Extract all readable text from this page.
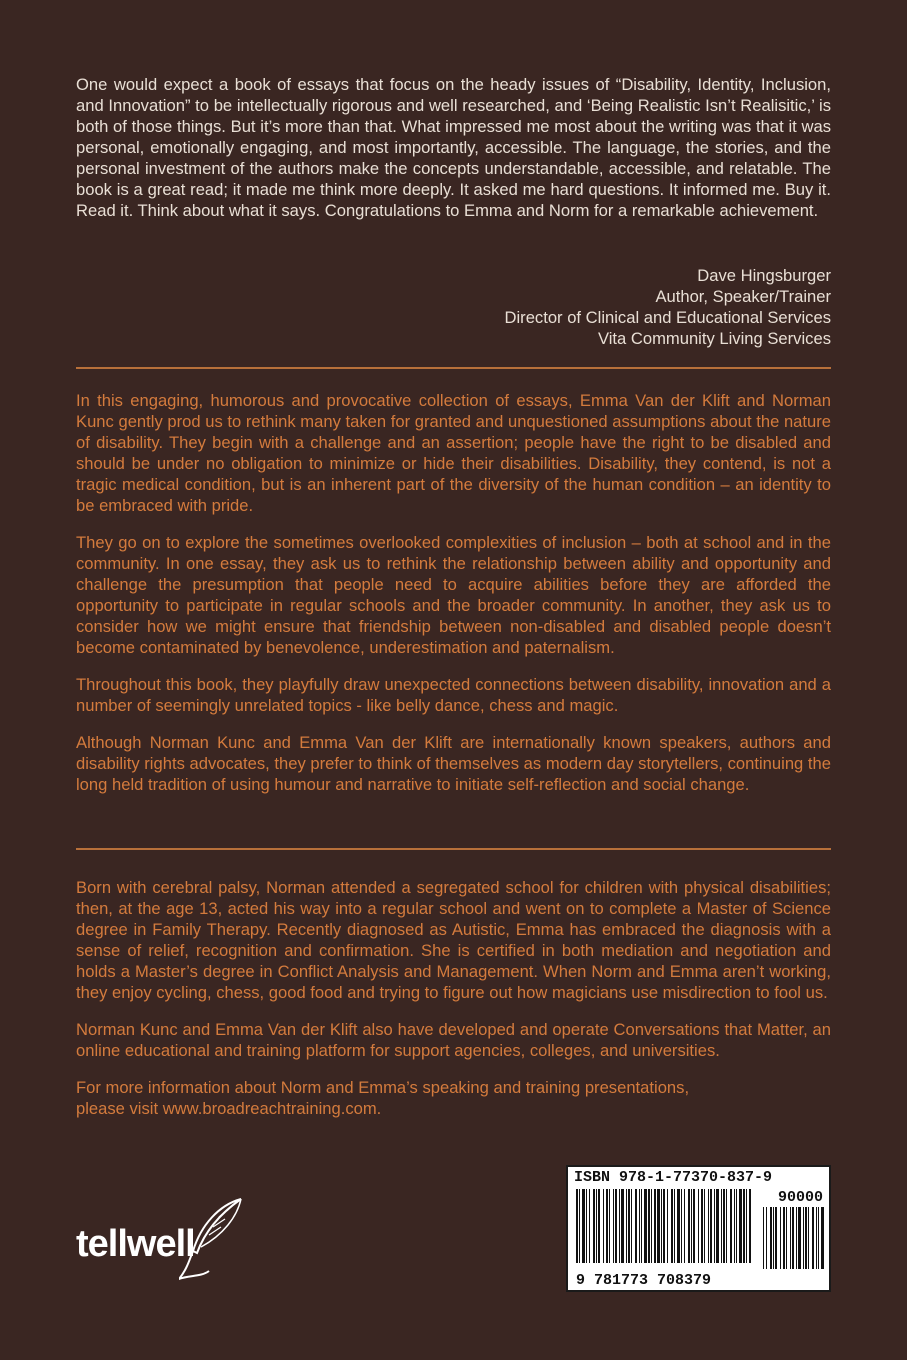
One would expect a book of essays that focus on the heady issues of “Disability, Identity, Inclusion, and Innovation” to be intellectually rigorous and well researched, and ‘Being Realistic Isn’t Realisitic,’ is both of those things. But it’s more than that. What impressed me most about the writing was that it was personal, emotionally engaging, and most importantly, accessible. The language, the stories, and the personal investment of the authors make the concepts understandable, accessible, and relatable. The book is a great read; it made me think more deeply. It asked me hard questions. It informed me. Buy it. Read it. Think about what it says. Congratulations to Emma and Norm for a remarkable achievement.

Dave Hingsburger
Author, Speaker/Trainer
Director of Clinical and Educational Services
Vita Community Living Services

In this engaging, humorous and provocative collection of essays, Emma Van der Klift and Norman Kunc gently prod us to rethink many taken for granted and unquestioned assumptions about the nature of disability. They begin with a challenge and an assertion; people have the right to be disabled and should be under no obligation to minimize or hide their disabilities. Disability, they contend, is not a tragic medical condition, but is an inherent part of the diversity of the human condition – an identity to be embraced with pride.

They go on to explore the sometimes overlooked complexities of inclusion – both at school and in the community. In one essay, they ask us to rethink the relationship between ability and opportunity and challenge the presumption that people need to acquire abilities before they are afforded the opportunity to participate in regular schools and the broader community. In another, they ask us to consider how we might ensure that friendship between non-disabled and disabled people doesn’t become contaminated by benevolence, underestimation and paternalism.

Throughout this book, they playfully draw unexpected connections between disability, innovation and a number of seemingly unrelated topics - like belly dance, chess and magic.

Although Norman Kunc and Emma Van der Klift are internationally known speakers, authors and disability rights advocates, they prefer to think of themselves as modern day storytellers, continuing the long held tradition of using humour and narrative to initiate self-reflection and social change.

Born with cerebral palsy, Norman attended a segregated school for children with physical disabilities; then, at the age 13, acted his way into a regular school and went on to complete a Master of Science degree in Family Therapy. Recently diagnosed as Autistic, Emma has embraced the diagnosis with a sense of relief, recognition and confirmation. She is certified in both mediation and negotiation and holds a Master’s degree in Conflict Analysis and Management. When Norm and Emma aren’t working, they enjoy cycling, chess, good food and trying to figure out how magicians use misdirection to fool us.

Norman Kunc and Emma Van der Klift also have developed and operate Conversations that Matter, an online educational and training platform for support agencies, colleges, and universities.

For more information about Norm and Emma’s speaking and training presentations,
please visit www.broadreachtraining.com.

tellwell
ISBN 978-1-77370-837-9
90000
9 781773 708379
